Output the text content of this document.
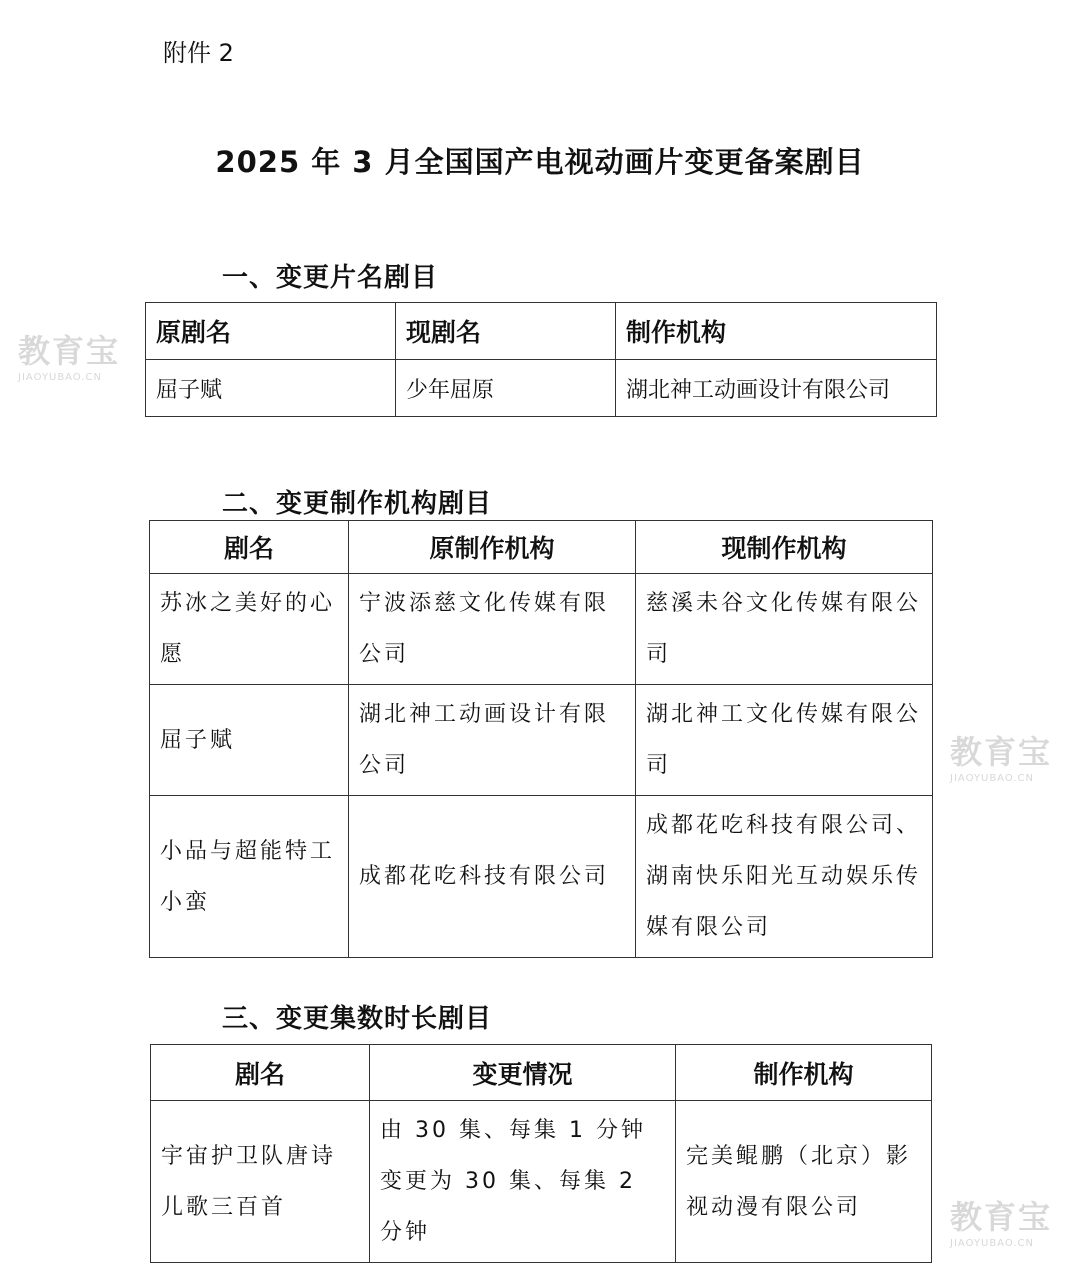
附件 2
2025 年 3 月全国国产电视动画片变更备案剧目
一、变更片名剧目
原剧名	现剧名	制作机构
屈子赋	少年屈原	湖北神工动画设计有限公司
二、变更制作机构剧目
剧名	原制作机构	现制作机构
苏冰之美好的心愿	宁波添慈文化传媒有限公司	慈溪未谷文化传媒有限公司
屈子赋	湖北神工动画设计有限公司	湖北神工文化传媒有限公司
小品与超能特工小蛮	成都花吃科技有限公司	成都花吃科技有限公司、湖南快乐阳光互动娱乐传媒有限公司
三、变更集数时长剧目
剧名	变更情况	制作机构
宇宙护卫队唐诗儿歌三百首	由 30 集、每集 1 分钟变更为 30 集、每集 2 分钟	完美鲲鹏（北京）影视动漫有限公司
教育宝
JIAOYUBAO.CN
教育宝
JIAOYUBAO.CN
教育宝
JIAOYUBAO.CN
